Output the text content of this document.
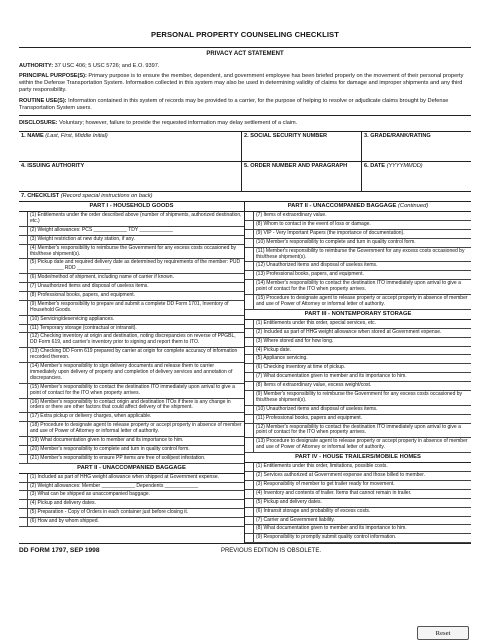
PERSONAL PROPERTY COUNSELING CHECKLIST
PRIVACY ACT STATEMENT
AUTHORITY: 37 USC 406; 5 USC 5726; and E.O. 9397.
PRINCIPAL PURPOSE(S): Primary purpose is to ensure the member, dependent, and government employee has been briefed properly on the movement of their personal property within the Defense Transportation System. Information collected in this system may also be used in determining validity of claims for damage and improper shipments and any third party responsibility.
ROUTINE USE(S): Information contained in this system of records may be provided to a carrier, for the purpose of helping to resolve or adjudicate claims brought by Defense Transportation System users.
DISCLOSURE: Voluntary; however, failure to provide the requested information may delay settlement of a claim.
1. NAME (Last, First, Middle Initial)	2. SOCIAL SECURITY NUMBER	3. GRADE/RANK/RATING
4. ISSUING AUTHORITY	5. ORDER NUMBER AND PARAGRAPH	6. DATE (YYYYMMDD)
7. CHECKLIST (Record special instructions on back)
PART I - HOUSEHOLD GOODS
(1) Entitlements under the order described above (number of shipments, authorized destination, etc.)
(2) Weight allowances: PCS ____________ TDY ____________
(3) Weight restriction at new duty station, if any.
(4) Member's responsibility to reimburse the Government for any excess costs occasioned by this/these shipment(s).
(5) Pickup date and required delivery date as determined by requirements of the member: PUD ____________ RDD ____________
(6) Mode/method of shipment, including name of carrier if known.
(7) Unauthorized items and disposal of useless items.
(8) Professional books, papers, and equipment.
(9) Member's responsibility to prepare and submit a complete DD Form 1701, Inventory of Household Goods.
(10) Servicing/deservicing appliances.
(11) Temporary storage (contractual or intransit).
(12) Checking inventory at origin and destination, noting discrepancies on reverse of PPGBL, DD Form 619, and carrier's inventory prior to signing and report them to ITO.
(13) Checking DD Form 619 prepared by carrier at origin for complete accuracy of information recorded thereon.
(14) Member's responsibility to sign delivery documents and release them to carrier immediately upon delivery of property and completion of delivery services and annotation of discrepancies.
(15) Member's responsibility to contact the destination ITO immediately upon arrival to give a point of contact for the ITO when property arrives.
(16) Member's responsibility to contact origin and destination ITOs if there is any change in orders or there are other factors that could affect delivery of the shipment.
(17) Extra pickup or delivery charges, when applicable.
(18) Procedure to designate agent to release property or accept property in absence of member and use of Power of Attorney or informal letter of authority.
(19) What documentation given to member and its importance to him.
(20) Member's responsibility to complete and turn in quality control form.
(21) Member's responsibility to ensure PP items are free of soil/pest infestation.
PART II - UNACCOMPANIED BAGGAGE
(1) Included as part of HHG weight allowance when shipped at Government expense.
(2) Weight allowances: Member ____________ Dependents ____________
(3) What can be shipped as unaccompanied baggage.
(4) Pickup and delivery dates.
(5) Preparation - Copy of Orders in each container just before closing it.
(6) How and by whom shipped.
PART II - UNACCOMPANIED BAGGAGE (Continued)
(7) Items of extraordinary value.
(8) Whom to contact in the event of loss or damage.
(9) VIP - Very Important Papers (the importance of documentation).
(10) Member's responsibility to complete and turn in quality control form.
(11) Member's responsibility to reimburse the Government for any excess costs occasioned by this/these shipment(s).
(12) Unauthorized items and disposal of useless items.
(13) Professional books, papers, and equipment.
(14) Member's responsibility to contact the destination ITO immediately upon arrival to give a point of contact for the ITO when property arrives.
(15) Procedure to designate agent to release property or accept property in absence of member and use of Power of Attorney or informal letter of authority.
PART III - NONTEMPORARY STORAGE
(1) Entitlements under this order, special services, etc.
(2) Included as part of HHG weight allowance when stored at Government expense.
(3) Where stored and for how long.
(4) Pickup date.
(5) Appliance servicing.
(6) Checking inventory at time of pickup.
(7) What documentation given to member and its importance to him.
(8) Items of extraordinary value, excess weight/cost.
(9) Member's responsibility to reimburse the Government for any excess costs occasioned by this/these shipment(s).
(10) Unauthorized items and disposal of useless items.
(11) Professional books, papers and equipment.
(12) Member's responsibility to contact the destination ITO immediately upon arrival to give a point of contact for the ITO when property arrives.
(13) Procedure to designate agent to release property or accept property in absence of member and use of Power of Attorney or informal letter of authority.
PART IV - HOUSE TRAILERS/MOBILE HOMES
(1) Entitlements under this order, limitations, possible costs.
(2) Services authorized at Government expense and those billed to member.
(3) Responsibility of member to get trailer ready for movement.
(4) Inventory and contents of trailer. Items that cannot remain in trailer.
(5) Pickup and delivery dates.
(6) Intransit storage and probability of excess costs.
(7) Carrier and Government liability.
(8) What documentation given to member and its importance to him.
(9) Responsibility to promptly submit quality control information.
DD FORM 1797, SEP 1998	PREVIOUS EDITION IS OBSOLETE.
Reset
